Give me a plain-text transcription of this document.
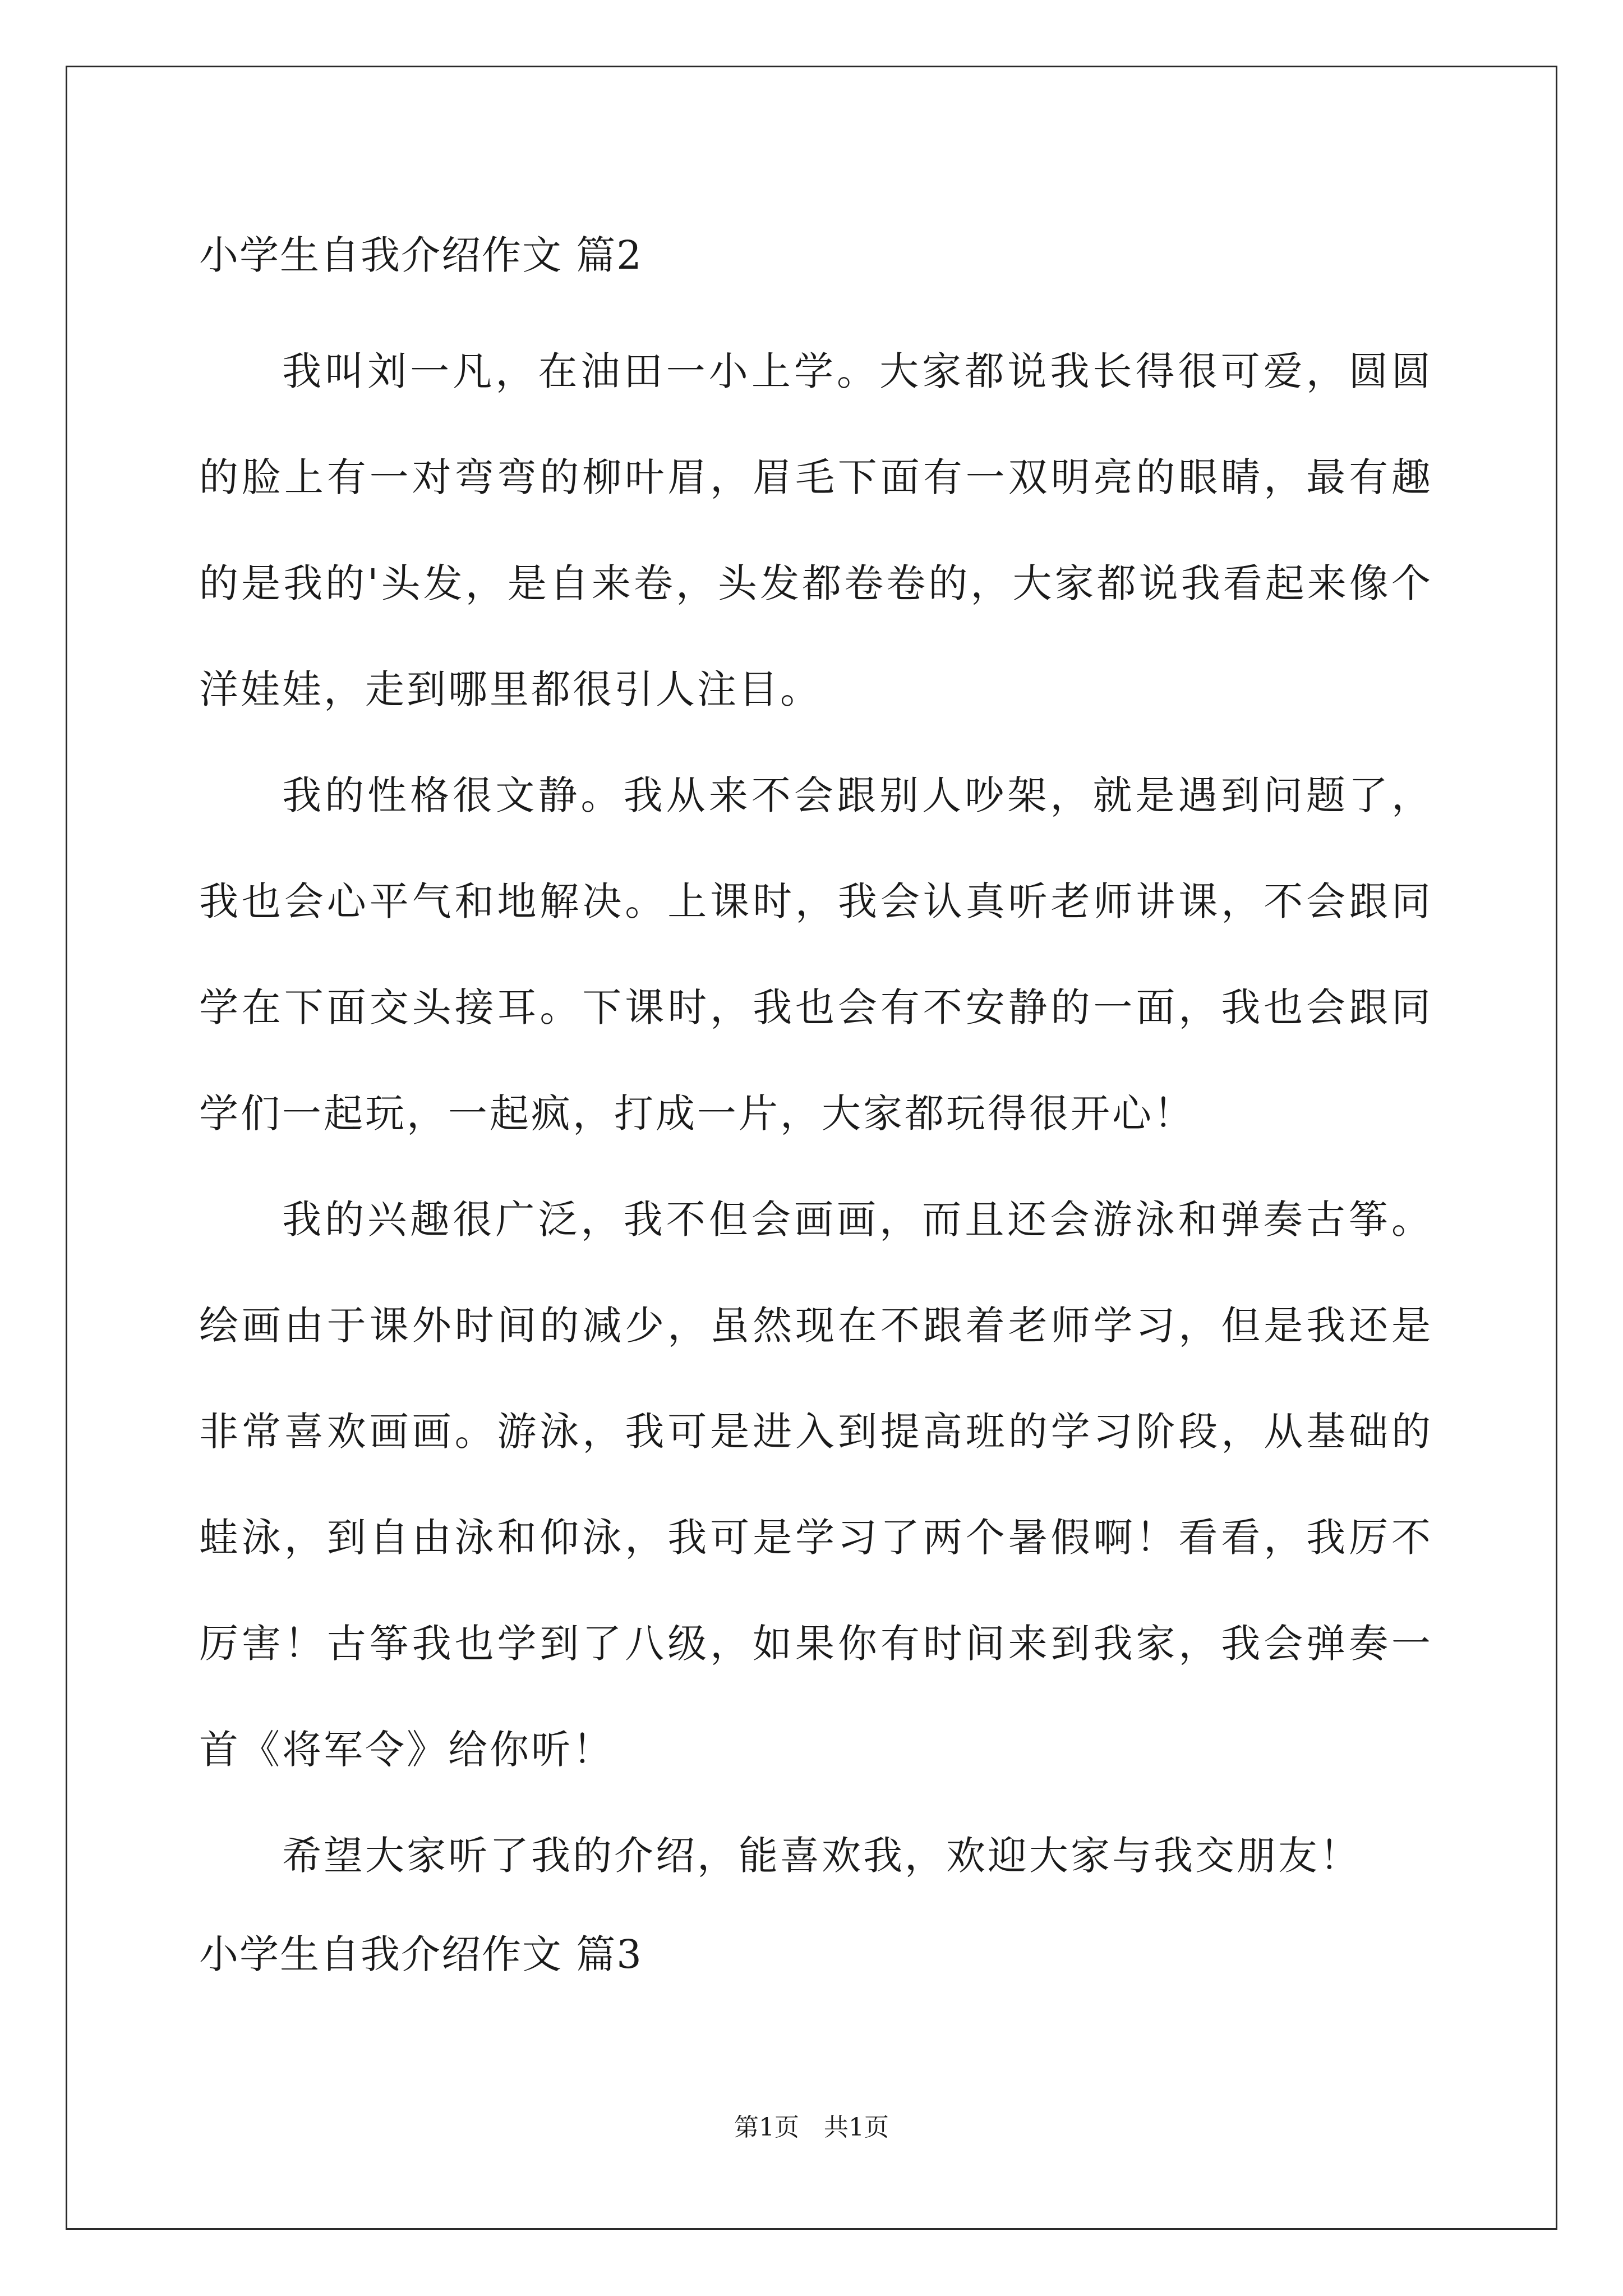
小学生自我介绍作文 篇2

我叫刘一凡，在油田一小上学。大家都说我长得很可爱，圆圆的脸上有一对弯弯的柳叶眉，眉毛下面有一双明亮的眼睛，最有趣的是我的'头发，是自来卷，头发都卷卷的，大家都说我看起来像个洋娃娃，走到哪里都很引人注目。

我的性格很文静。我从来不会跟别人吵架，就是遇到问题了，我也会心平气和地解决。上课时，我会认真听老师讲课，不会跟同学在下面交头接耳。下课时，我也会有不安静的一面，我也会跟同学们一起玩，一起疯，打成一片，大家都玩得很开心！

我的兴趣很广泛，我不但会画画，而且还会游泳和弹奏古筝。绘画由于课外时间的减少，虽然现在不跟着老师学习，但是我还是非常喜欢画画。游泳，我可是进入到提高班的学习阶段，从基础的蛙泳，到自由泳和仰泳，我可是学习了两个暑假啊！看看，我厉不厉害！古筝我也学到了八级，如果你有时间来到我家，我会弹奏一首《将军令》给你听！

希望大家听了我的介绍，能喜欢我，欢迎大家与我交朋友！

小学生自我介绍作文 篇3

第1页　共1页
